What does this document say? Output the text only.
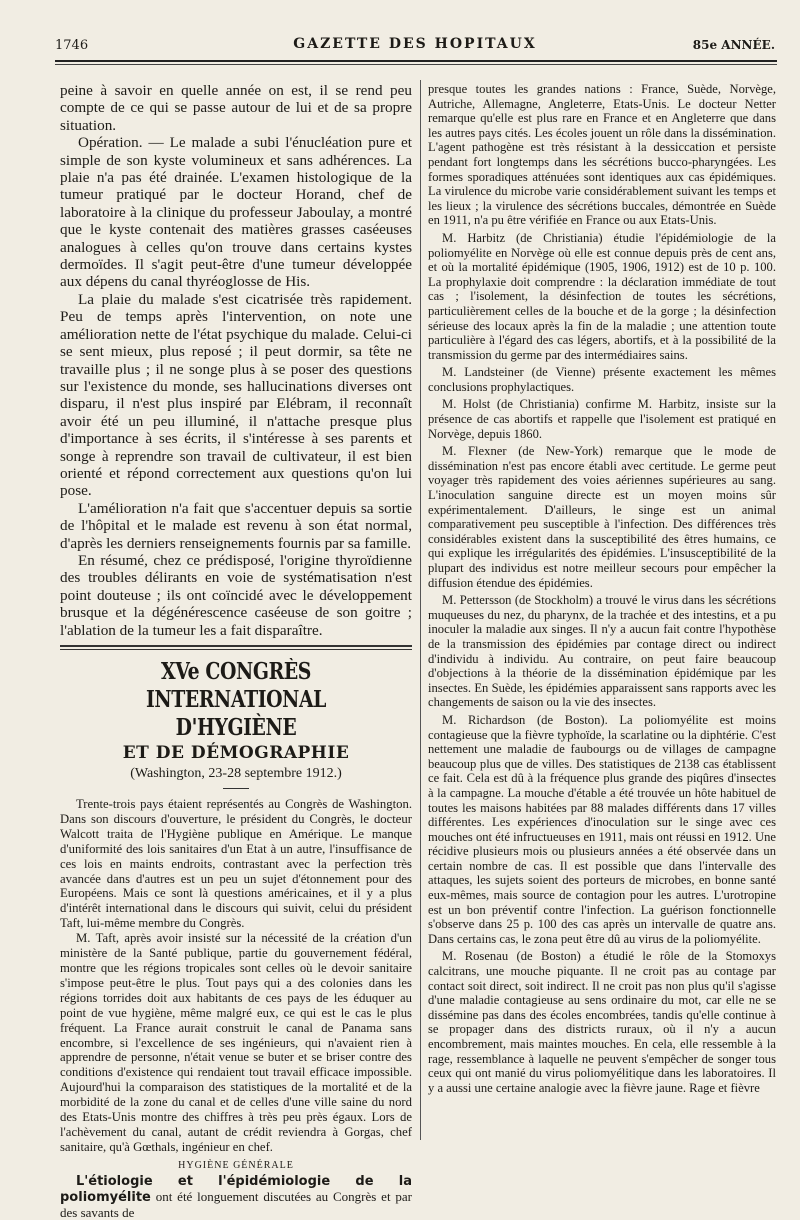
1746	GAZETTE DES HOPITAUX	85e ANNÉE.

peine à savoir en quelle année on est, il se rend peu compte de ce qui se passe autour de lui et de sa propre situation.

Opération. — Le malade a subi l'énucléation pure et simple de son kyste volumineux et sans adhérences. La plaie n'a pas été drainée. L'examen histologique de la tumeur pratiqué par le docteur Horand, chef de laboratoire à la clinique du professeur Jaboulay, a montré que le kyste contenait des matières grasses caséeuses analogues à celles qu'on trouve dans certains kystes dermoïdes. Il s'agit peut-être d'une tumeur développée aux dépens du canal thyréoglosse de His.

La plaie du malade s'est cicatrisée très rapidement. Peu de temps après l'intervention, on note une amélioration nette de l'état psychique du malade. Celui-ci se sent mieux, plus reposé ; il peut dormir, sa tête ne travaille plus ; il ne songe plus à se poser des questions sur l'existence du monde, ses hallucinations diverses ont disparu, il n'est plus inspiré par Elébram, il reconnaît avoir été un peu illuminé, il n'attache presque plus d'importance à ses écrits, il s'intéresse à ses parents et songe à reprendre son travail de cultivateur, il est bien orienté et répond correctement aux questions qu'on lui pose.

L'amélioration n'a fait que s'accentuer depuis sa sortie de l'hôpital et le malade est revenu à son état normal, d'après les derniers renseignements fournis par sa famille.

En résumé, chez ce prédisposé, l'origine thyroïdienne des troubles délirants en voie de systématisation n'est point douteuse ; ils ont coïncidé avec le développement brusque et la dégénérescence caséeuse de son goitre ; l'ablation de la tumeur les a fait disparaître.

XVe CONGRÈS INTERNATIONAL D'HYGIÈNE
ET DE DÉMOGRAPHIE
(Washington, 23-28 septembre 1912.)

Trente-trois pays étaient représentés au Congrès de Washington. Dans son discours d'ouverture, le président du Congrès, le docteur Walcott traita de l'Hygiène publique en Amérique. Le manque d'uniformité des lois sanitaires d'un Etat à un autre, l'insuffisance de ces lois en maints endroits, contrastant avec la perfection très avancée dans d'autres est un peu un sujet d'étonnement pour des Européens. Mais ce sont là questions américaines, et il y a plus d'intérêt international dans le discours qui suivit, celui du président Taft, lui-même membre du Congrès.

M. Taft, après avoir insisté sur la nécessité de la création d'un ministère de la Santé publique, partie du gouvernement fédéral, montre que les régions tropicales sont celles où le devoir sanitaire s'impose peut-être le plus. Tout pays qui a des colonies dans les régions torrides doit aux habitants de ces pays de les éduquer au point de vue hygiène, même malgré eux, ce qui est le cas le plus fréquent. La France aurait construit le canal de Panama sans encombre, si l'excellence de ses ingénieurs, qui n'avaient rien à apprendre de personne, n'était venue se buter et se briser contre des conditions d'existence qui rendaient tout travail efficace impossible. Aujourd'hui la comparaison des statistiques de la mortalité et de la morbidité de la zone du canal et de celles d'une ville saine du nord des Etats-Unis montre des chiffres à très peu près égaux. Lors de l'achèvement du canal, autant de crédit reviendra à Gorgas, chef sanitaire, qu'à Gœthals, ingénieur en chef.

HYGIÈNE GÉNÉRALE

L'étiologie et l'épidémiologie de la poliomyélite ont été longuement discutées au Congrès et par des savants de

presque toutes les grandes nations : France, Suède, Norvège, Autriche, Allemagne, Angleterre, Etats-Unis. Le docteur Netter remarque qu'elle est plus rare en France et en Angleterre que dans les autres pays cités. Les écoles jouent un rôle dans la dissémination. L'agent pathogène est très résistant à la dessiccation et persiste pendant fort longtemps dans les sécrétions bucco-pharyngées. Les formes sporadiques atténuées sont identiques aux cas épidémiques. La virulence du microbe varie considérablement suivant les temps et les lieux ; la virulence des sécrétions buccales, démontrée en Suède en 1911, n'a pu être vérifiée en France ou aux Etats-Unis.

M. Harbitz (de Christiania) étudie l'épidémiologie de la poliomyélite en Norvège où elle est connue depuis près de cent ans, et où la mortalité épidémique (1905, 1906, 1912) est de 10 p. 100. La prophylaxie doit comprendre : la déclaration immédiate de tout cas ; l'isolement, la désinfection de toutes les sécrétions, particulièrement celles de la bouche et de la gorge ; la désinfection sérieuse des locaux après la fin de la maladie ; une attention toute particulière à l'égard des cas légers, abortifs, et à la possibilité de la transmission du germe par des intermédiaires sains.

M. Landsteiner (de Vienne) présente exactement les mêmes conclusions prophylactiques.

M. Holst (de Christiania) confirme M. Harbitz, insiste sur la présence de cas abortifs et rappelle que l'isolement est pratiqué en Norvège, depuis 1860.

M. Flexner (de New-York) remarque que le mode de dissémination n'est pas encore établi avec certitude. Le germe peut voyager très rapidement des voies aériennes supérieures au sang. L'inoculation sanguine directe est un moyen moins sûr expérimentalement. D'ailleurs, le singe est un animal comparativement peu susceptible à l'infection. Des différences très considérables existent dans la susceptibilité des êtres humains, ce qui explique les irrégularités des épidémies. L'insusceptibilité de la plupart des individus est notre meilleur secours pour empêcher la diffusion étendue des épidémies.

M. Pettersson (de Stockholm) a trouvé le virus dans les sécrétions muqueuses du nez, du pharynx, de la trachée et des intestins, et a pu inoculer la maladie aux singes. Il n'y a aucun fait contre l'hypothèse de la transmission des épidémies par contage direct ou indirect d'individu à individu. Au contraire, on peut faire beaucoup d'objections à la théorie de la dissémination épidémique par les insectes. En Suède, les épidémies apparaissent sans rapports avec les changements de saison ou la vie des insectes.

M. Richardson (de Boston). La poliomyélite est moins contagieuse que la fièvre typhoïde, la scarlatine ou la diphtérie. C'est nettement une maladie de faubourgs ou de villages de campagne beaucoup plus que de villes. Des statistiques de 2138 cas établissent ce fait. Cela est dû à la fréquence plus grande des piqûres d'insectes à la campagne. La mouche d'étable a été trouvée un hôte habituel de toutes les maisons habitées par 88 malades différents dans 17 villes différentes. Les expériences d'inoculation sur le singe avec ces mouches ont été infructueuses en 1911, mais ont réussi en 1912. Une récidive plusieurs mois ou plusieurs années a été observée dans un certain nombre de cas. Il est possible que dans l'intervalle des attaques, les sujets soient des porteurs de microbes, en bonne santé eux-mêmes, mais source de contagion pour les autres. L'urotropine est un bon préventif contre l'infection. La guérison fonctionnelle s'observe dans 25 p. 100 des cas après un intervalle de quatre ans. Dans certains cas, le zona peut être dû au virus de la poliomyélite.

M. Rosenau (de Boston) a étudié le rôle de la Stomoxys calcitrans, une mouche piquante. Il ne croit pas au contage par contact soit direct, soit indirect. Il ne croit pas non plus qu'il s'agisse d'une maladie contagieuse au sens ordinaire du mot, car elle ne se dissémine pas dans des écoles encombrées, tandis qu'elle continue à se propager dans des districts ruraux, où il n'y a aucun encombrement, mais maintes mouches. En cela, elle ressemble à la rage, ressemblance à laquelle ne peuvent s'empêcher de songer tous ceux qui ont manié du virus poliomyélitique dans les laboratoires. Il y a aussi une certaine analogie avec la fièvre jaune. Rage et fièvre
